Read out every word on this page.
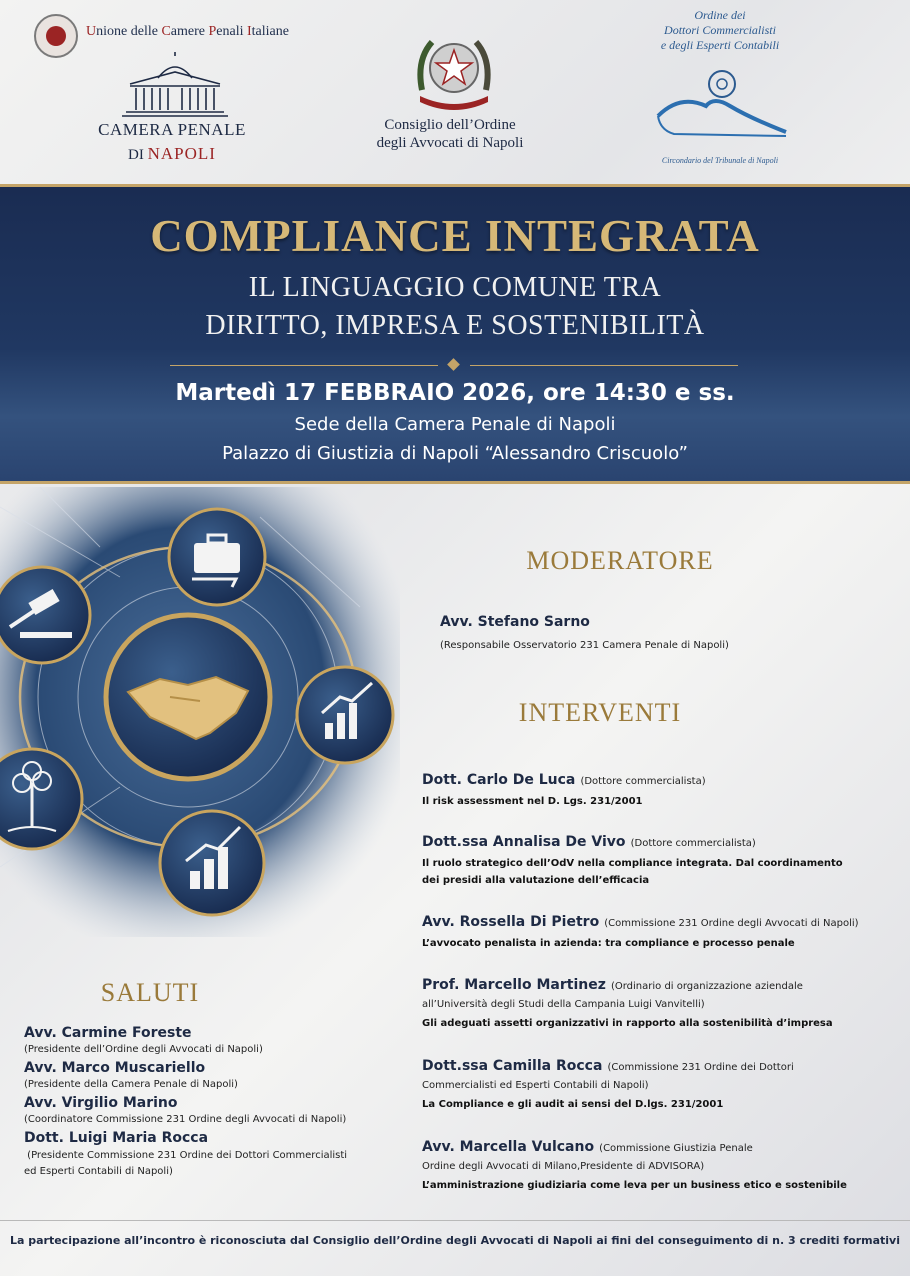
Unione delle Camere Penali Italiane
CAMERA PENALE
DI NAPOLI
Consiglio dell’Ordine
degli Avvocati di Napoli
Ordine dei
Dottori Commercialisti
e degli Esperti Contabili
Circondario del Tribunale di Napoli
COMPLIANCE INTEGRATA
IL LINGUAGGIO COMUNE TRA
DIRITTO, IMPRESA E SOSTENIBILITÀ
Martedì 17 FEBBRAIO 2026, ore 14:30 e ss.
Sede della Camera Penale di Napoli
Palazzo di Giustizia di Napoli “Alessandro Criscuolo”
MODERATORE
Avv. Stefano Sarno
(Responsabile Osservatorio 231 Camera Penale di Napoli)
INTERVENTI
Dott. Carlo De Luca (Dottore commercialista)
Il risk assessment nel D. Lgs. 231/2001
Dott.ssa Annalisa De Vivo (Dottore commercialista)
Il ruolo strategico dell’OdV nella compliance integrata. Dal coordinamento
dei presidi alla valutazione dell’efficacia
Avv. Rossella Di Pietro (Commissione 231 Ordine degli Avvocati di Napoli)
L’avvocato penalista in azienda: tra compliance e processo penale
Prof. Marcello Martinez (Ordinario di organizzazione aziendale
all’Università degli Studi della Campania Luigi Vanvitelli)
Gli adeguati assetti organizzativi in rapporto alla sostenibilità d’impresa
Dott.ssa Camilla Rocca (Commissione 231 Ordine dei Dottori
Commercialisti ed Esperti Contabili di Napoli)
La Compliance e gli audit ai sensi del D.lgs. 231/2001
Avv. Marcella Vulcano (Commissione Giustizia Penale
Ordine degli Avvocati di Milano,Presidente di ADVISORA)
L’amministrazione giudiziaria come leva per un business etico e sostenibile
SALUTI
Avv. Carmine Foreste
(Presidente dell’Ordine degli Avvocati di Napoli)
Avv. Marco Muscariello
(Presidente della Camera Penale di Napoli)
Avv. Virgilio Marino
(Coordinatore Commissione 231 Ordine degli Avvocati di Napoli)
Dott. Luigi Maria Rocca
(Presidente Commissione 231 Ordine dei Dottori Commercialisti
ed Esperti Contabili di Napoli)
La partecipazione all’incontro è riconosciuta dal Consiglio dell’Ordine degli Avvocati di Napoli ai fini del conseguimento di n. 3 crediti formativi
